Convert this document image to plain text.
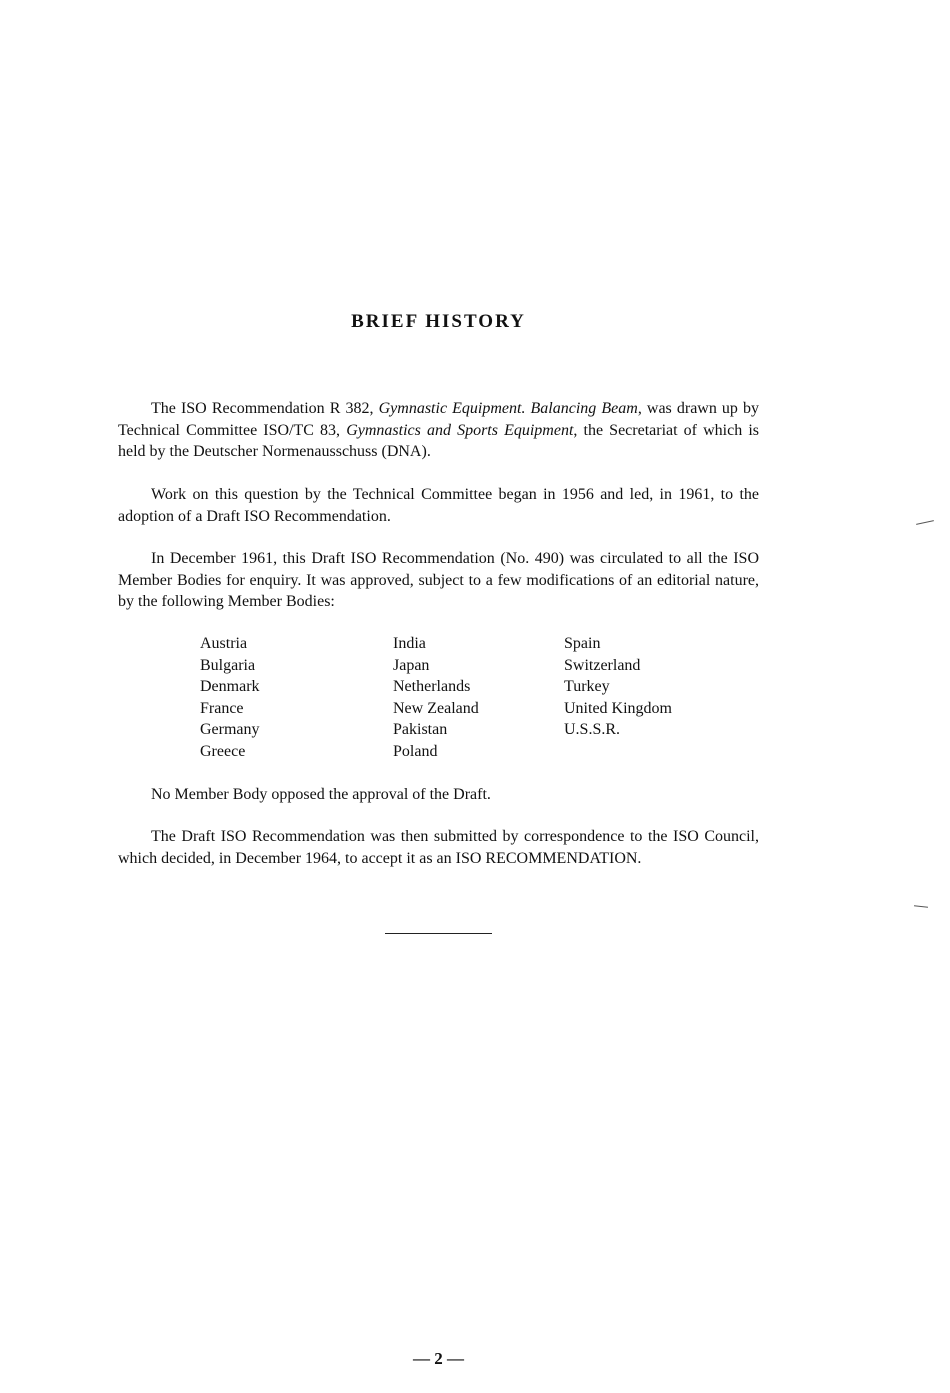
BRIEF HISTORY

The ISO Recommendation R 382, Gymnastic Equipment. Balancing Beam, was drawn up by Technical Committee ISO/TC 83, Gymnastics and Sports Equipment, the Secretariat of which is held by the Deutscher Normenausschuss (DNA).

Work on this question by the Technical Committee began in 1956 and led, in 1961, to the adoption of a Draft ISO Recommendation.

In December 1961, this Draft ISO Recommendation (No. 490) was circulated to all the ISO Member Bodies for enquiry. It was approved, subject to a few modifications of an editorial nature, by the following Member Bodies:

Austria
Bulgaria
Denmark
France
Germany
Greece
India
Japan
Netherlands
New Zealand
Pakistan
Poland
Spain
Switzerland
Turkey
United Kingdom
U.S.S.R.

No Member Body opposed the approval of the Draft.

The Draft ISO Recommendation was then submitted by correspondence to the ISO Council, which decided, in December 1964, to accept it as an ISO RECOMMENDATION.

— 2 —
